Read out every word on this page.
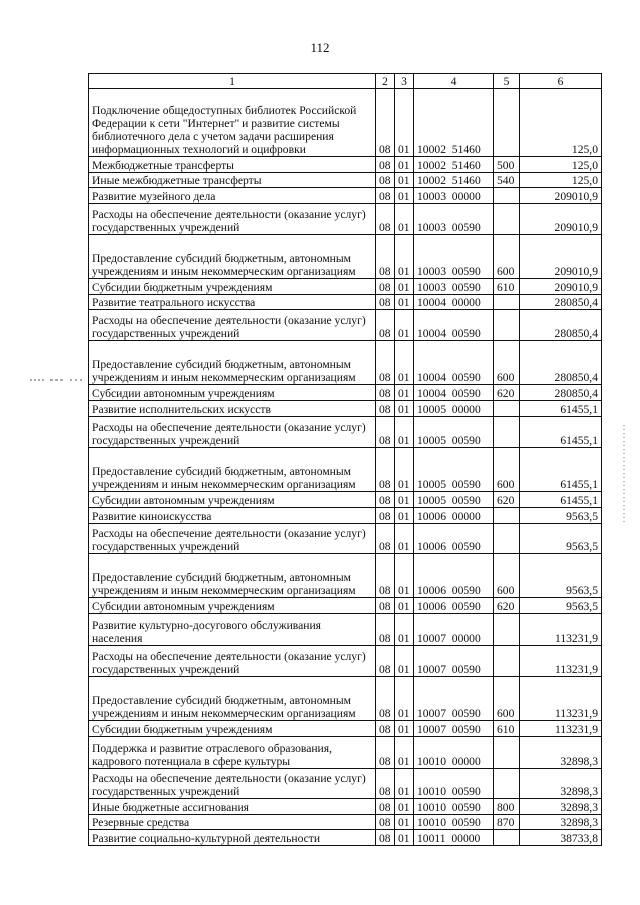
112
1	2	3	4	5	6
Подключение общедоступных библиотек Российской Федерации к сети "Интернет" и развитие системы библиотечного дела с учетом задачи расширения информационных технологий и оцифровки	08	01	10002  51460		125,0
Межбюджетные трансферты	08	01	10002  51460	500	125,0
Иные межбюджетные трансферты	08	01	10002  51460	540	125,0
Развитие музейного дела	08	01	10003  00000		209010,9
Расходы на обеспечение деятельности (оказание услуг) государственных учреждений	08	01	10003  00590		209010,9
Предоставление субсидий бюджетным, автономным учреждениям и иным некоммерческим организациям	08	01	10003  00590	600	209010,9
Субсидии бюджетным учреждениям	08	01	10003  00590	610	209010,9
Развитие театрального искусства	08	01	10004  00000		280850,4
Расходы на обеспечение деятельности (оказание услуг) государственных учреждений	08	01	10004  00590		280850,4
Предоставление субсидий бюджетным, автономным учреждениям и иным некоммерческим организациям	08	01	10004  00590	600	280850,4
Субсидии автономным учреждениям	08	01	10004  00590	620	280850,4
Развитие исполнительских искусств	08	01	10005  00000		61455,1
Расходы на обеспечение деятельности (оказание услуг) государственных учреждений	08	01	10005  00590		61455,1
Предоставление субсидий бюджетным, автономным учреждениям и иным некоммерческим организациям	08	01	10005  00590	600	61455,1
Субсидии автономным учреждениям	08	01	10005  00590	620	61455,1
Развитие киноискусства	08	01	10006  00000		9563,5
Расходы на обеспечение деятельности (оказание услуг) государственных учреждений	08	01	10006  00590		9563,5
Предоставление субсидий бюджетным, автономным учреждениям и иным некоммерческим организациям	08	01	10006  00590	600	9563,5
Субсидии автономным учреждениям	08	01	10006  00590	620	9563,5
Развитие культурно-досугового обслуживания населения	08	01	10007  00000		113231,9
Расходы на обеспечение деятельности (оказание услуг) государственных учреждений	08	01	10007  00590		113231,9
Предоставление субсидий бюджетным, автономным учреждениям и иным некоммерческим организациям	08	01	10007  00590	600	113231,9
Субсидии бюджетным учреждениям	08	01	10007  00590	610	113231,9
Поддержка и развитие отраслевого образования, кадрового потенциала в сфере культуры	08	01	10010  00000		32898,3
Расходы на обеспечение деятельности (оказание услуг) государственных учреждений	08	01	10010  00590		32898,3
Иные бюджетные ассигнования	08	01	10010  00590	800	32898,3
Резервные средства	08	01	10010  00590	870	32898,3
Развитие социально-культурной деятельности	08	01	10011  00000		38733,8
